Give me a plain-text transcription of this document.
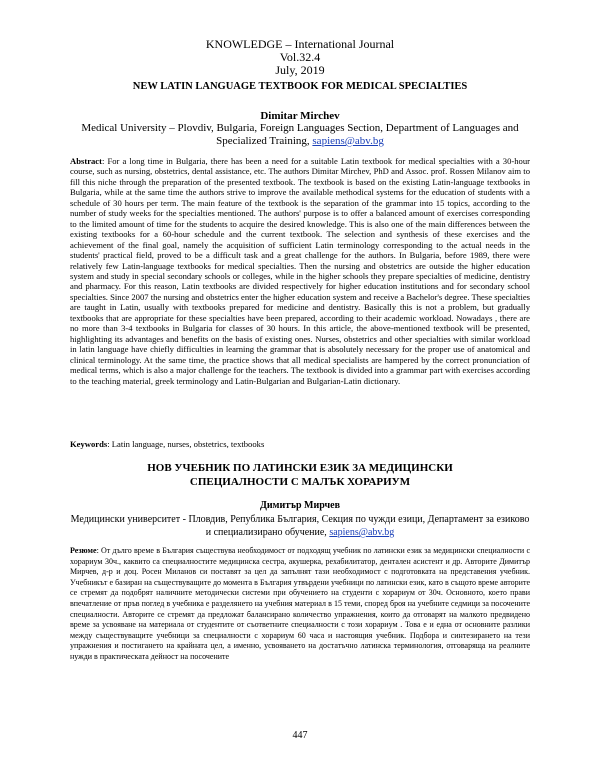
KNOWLEDGE – International Journal
Vol.32.4
July, 2019
NEW LATIN LANGUAGE TEXTBOOK FOR MEDICAL SPECIALTIES
Dimitar Mirchev
Medical University – Plovdiv, Bulgaria, Foreign Languages Section, Department of Languages and Specialized Training, sapiens@abv.bg
Abstract: For a long time in Bulgaria, there has been a need for a suitable Latin textbook for medical specialties with a 30-hour course, such as nursing, obstetrics, dental assistance, etc. The authors Dimitar Mirchev, PhD and Assoc. prof. Rossen Milanov aim to fill this niche through the preparation of the presented textbook. The textbook is based on the existing Latin-language textbooks in Bulgaria, while at the same time the authors strive to improve the available methodical systems for the education of students with a schedule of 30 hours per term. The main feature of the textbook is the separation of the grammar into 15 topics, according to the number of study weeks for the specialties mentioned. The authors' purpose is to offer a balanced amount of exercises corresponding to the limited amount of time for the students to acquire the desired knowledge. This is also one of the main differences between the existing textbooks for a 60-hour schedule and the current textbook. The selection and synthesis of these exercises and the achievement of the final goal, namely the acquisition of sufficient Latin terminology corresponding to the actual needs in the students' practical field, proved to be a difficult task and a great challenge for the authors. In Bulgaria, before 1989, there were relatively few Latin-language textbooks for medical specialties. Then the nursing and obstetrics are outside the higher education system and study in special secondary schools or colleges, while in the higher schools they prepare specialties of medicine, dentistry and pharmacy. For this reason, Latin textbooks are divided respectively for higher education institutions and for secondary school specialties. Since 2007 the nursing and obstetrics enter the higher education system and receive a Bachelor's degree. These specialties are taught in Latin, usually with textbooks prepared for medicine and dentistry. Basically this is not a problem, but gradually textbooks that are appropriate for these specialties have been prepared, according to their academic workload. Nowadays , there are no more than 3-4 textbooks in Bulgaria for classes of 30 hours. In this article, the above-mentioned textbook will be presented, highlighting its advantages and benefits on the basis of existing ones. Nurses, obstetrics and other specialties with similar workload in latin language have chiefly difficulties in learning the grammar that is absolutely necessary for the proper use of anatomical and clinical terminology. At the same time, the practice shows that all medical specialists are hampered by the correct pronunciation of medical terms, which is also a major challenge for the teachers. The textbook is divided into a grammar part with exercises according to the teaching material, greek terminology and Latin-Bulgarian and Bulgarian-Latin dictionary.
Keywords: Latin language, nurses, obstetrics, textbooks
НОВ УЧЕБНИК ПО ЛАТИНСКИ ЕЗИК ЗА МЕДИЦИНСКИ СПЕЦИАЛНОСТИ С МАЛЪК ХОРАРИУМ
Димитър Мирчев
Медицински университет - Пловдив, Република България, Секция по чужди езици, Департамент за езиково и специализирано обучение, sapiens@abv.bg
Резюме: От дълго време в България съществува необходимост от подходящ учебник по латински език за медицински специалности с хорариум 30ч., каквито са специалностите медицинска сестра, акушерка, рехабилитатор, дентален асистент и др. Авторите Димитър Мирчев, д-р и доц. Росен Миланов си поставят за цел да запълнят тази необходимост с подготовката на представения учебник. Учебникът е базиран на съществуващите до момента в България утвърдени учебници по латински език, като в същото време авторите се стремят да подобрят наличните методически системи при обучението на студенти с хорариум от 30ч. Основното, което прави впечатление от пръв поглед в учебника е разделянето на учебния материал в 15 теми, според броя на учебните седмици за посочените специалности. Авторите се стремят да предложат балансирано количество упражнения, които да отговарят на малкото предвидено време за усвояване на материала от студентите от съответните специалности с този хорариум . Това е и една от основните разлики между съществуващите учебници за специалности с хорариум 60 часа и настоящия учебник. Подбора и синтезирането на тези упражнения и постигането на крайната цел, а именно, усвояването на достатъчно латинска терминология, отговаряща на реалните нужди в практическата дейност на посочените
447
